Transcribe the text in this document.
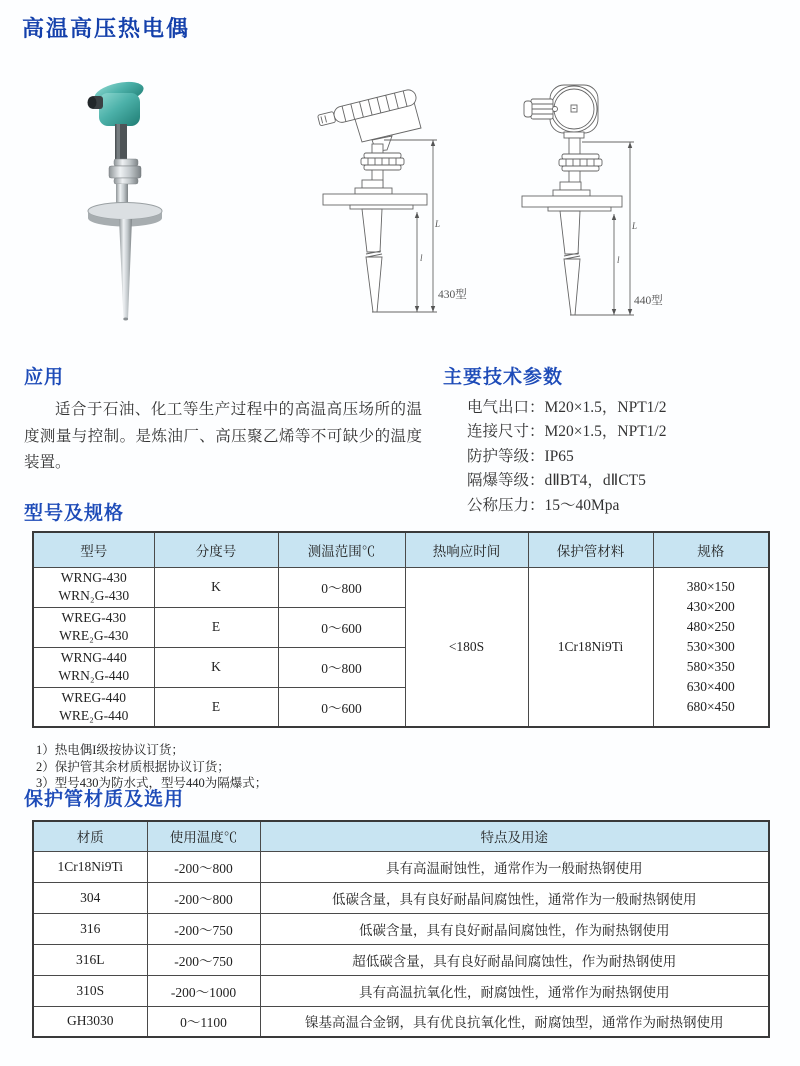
高温高压热电偶
L
l
L
l
430型	440型
应用

适合于石油、化工等生产过程中的高温高压场所的温度测量与控制。是炼油厂、高压聚乙烯等不可缺少的温度装置。

主要技术参数
电气出口：M20×1.5，NPT1/2
连接尺寸：M20×1.5，NPT1/2
防护等级：IP65
隔爆等级：dⅡBT4，dⅡCT5
公称压力：15～40Mpa
型号及规格
型号	分度号	测温范围℃	热响应时间	保护管材料	规格

WRNG-430
WRN₂G-430
	K	0～800	<180S	1Cr18Ni9Ti	
380×150
430×200
480×250
530×300
580×350
630×400
680×450

WREG-430
WRE₂G-430	E	0～600			

WRNG-440
WRN₂G-440	K	0～800			

WREG-440
WRE₂G-440	E	0～600			
1）热电偶I级按协议订货；
2）保护管其余材质根据协议订货；
3）型号430为防水式，型号440为隔爆式；
保护管材质及选用
材质	使用温度℃	特点及用途
1Cr18Ni9Ti	-200～800	具有高温耐蚀性，通常作为一般耐热钢使用
304	-200～800	低碳含量，具有良好耐晶间腐蚀性，通常作为一般耐热钢使用
316	-200～750	低碳含量，具有良好耐晶间腐蚀性，作为耐热钢使用
316L	-200～750	超低碳含量，具有良好耐晶间腐蚀性，作为耐热钢使用
310S	-200～1000	具有高温抗氧化性，耐腐蚀性，通常作为耐热钢使用
GH3030	0～1100	镍基高温合金钢，具有优良抗氧化性，耐腐蚀型，通常作为耐热钢使用
